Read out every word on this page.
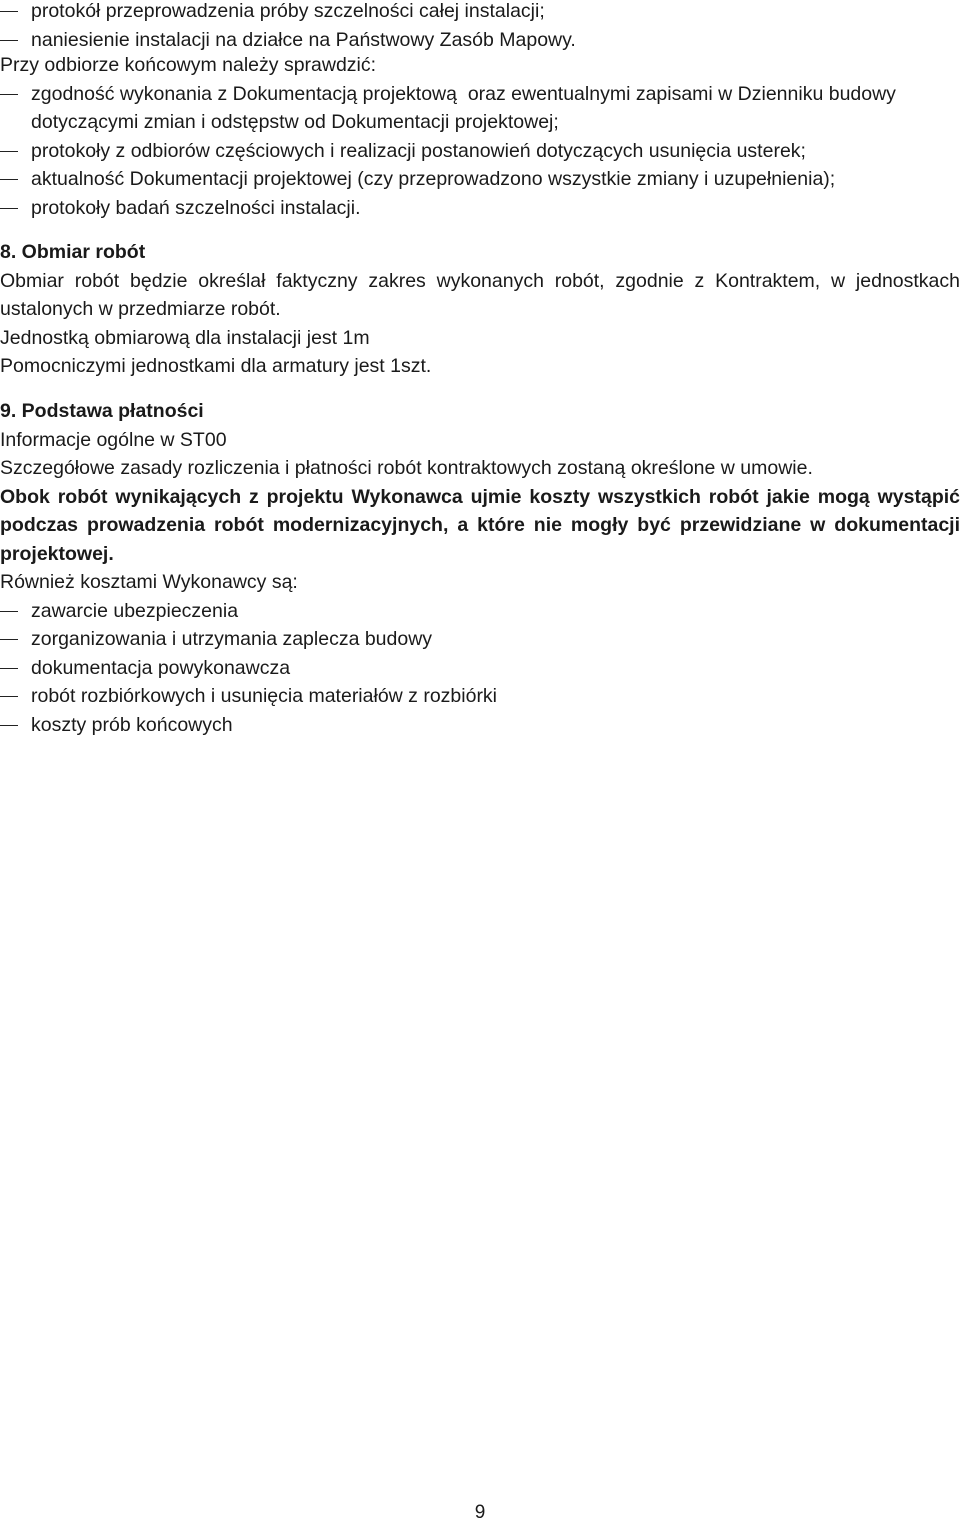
protokół przeprowadzenia próby szczelności całej instalacji;
naniesienie instalacji na działce na Państwowy Zasób Mapowy.
Przy odbiorze końcowym należy sprawdzić:
zgodność wykonania z Dokumentacją projektową  oraz ewentualnymi zapisami w Dzienniku budowy
dotyczącymi zmian i odstępstw od Dokumentacji projektowej;
protokoły z odbiorów częściowych i realizacji postanowień dotyczących usunięcia usterek;
aktualność Dokumentacji projektowej (czy przeprowadzono wszystkie zmiany i uzupełnienia);
protokoły badań szczelności instalacji.
8. Obmiar robót
Obmiar robót będzie określał faktyczny zakres wykonanych robót, zgodnie z Kontraktem, w jednostkach
ustalonych w przedmiarze robót.
Jednostką obmiarową dla instalacji jest 1m
Pomocniczymi jednostkami dla armatury jest 1szt.
9. Podstawa płatności
Informacje ogólne w ST00
Szczegółowe zasady rozliczenia i płatności robót kontraktowych zostaną określone w umowie.
Obok robót wynikających z projektu Wykonawca ujmie koszty wszystkich robót jakie mogą wystąpić
podczas prowadzenia robót modernizacyjnych, a które nie mogły być przewidziane w dokumentacji
projektowej.
Również kosztami Wykonawcy są:
zawarcie ubezpieczenia
zorganizowania i utrzymania zaplecza budowy
dokumentacja powykonawcza
robót rozbiórkowych i usunięcia materiałów z rozbiórki
koszty prób końcowych
9
